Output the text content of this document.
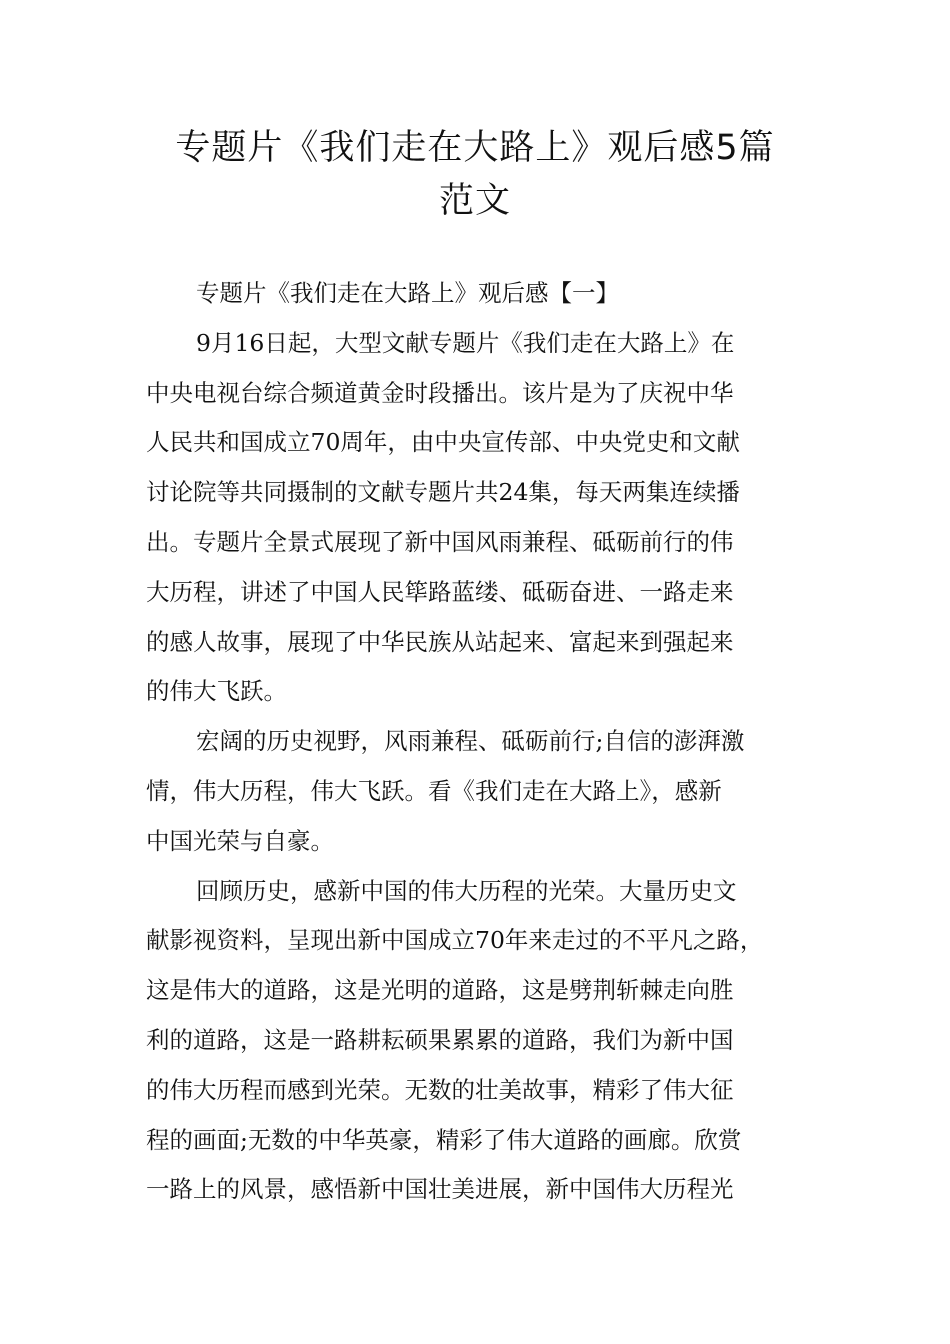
专题片《我们走在大路上》观后感5篇
范文
专题片《我们走在大路上》观后感【一】
9月16日起，大型文献专题片《我们走在大路上》在
中央电视台综合频道黄金时段播出。该片是为了庆祝中华
人民共和国成立70周年，由中央宣传部、中央党史和文献
讨论院等共同摄制的文献专题片共24集，每天两集连续播
出。专题片全景式展现了新中国风雨兼程、砥砺前行的伟
大历程，讲述了中国人民筚路蓝缕、砥砺奋进、一路走来
的感人故事，展现了中华民族从站起来、富起来到强起来
的伟大飞跃。
宏阔的历史视野，风雨兼程、砥砺前行;自信的澎湃激
情，伟大历程，伟大飞跃。看《我们走在大路上》，感新
中国光荣与自豪。
回顾历史，感新中国的伟大历程的光荣。大量历史文
献影视资料，呈现出新中国成立70年来走过的不平凡之路，
这是伟大的道路，这是光明的道路，这是劈荆斩棘走向胜
利的道路，这是一路耕耘硕果累累的道路，我们为新中国
的伟大历程而感到光荣。无数的壮美故事，精彩了伟大征
程的画面;无数的中华英豪，精彩了伟大道路的画廊。欣赏
一路上的风景，感悟新中国壮美进展，新中国伟大历程光
